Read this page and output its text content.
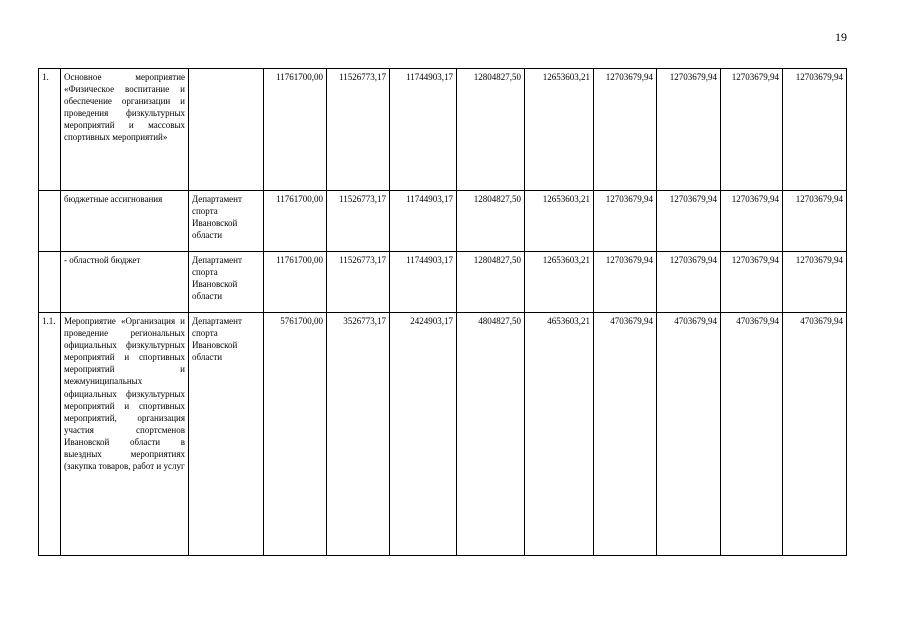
19
1.	Основное мероприятие «Физическое воспитание и обеспечение организации и проведения физкультурных мероприятий и массовых спортивных мероприятий»		11761700,00	11526773,17	11744903,17	12804827,50	12653603,21	12703679,94	12703679,94	12703679,94	12703679,94
	бюджетные ассигнования	Департамент спорта Ивановской области	11761700,00	11526773,17	11744903,17	12804827,50	12653603,21	12703679,94	12703679,94	12703679,94	12703679,94
	- областной бюджет	Департамент спорта Ивановской области	11761700,00	11526773,17	11744903,17	12804827,50	12653603,21	12703679,94	12703679,94	12703679,94	12703679,94
1.1.	Мероприятие «Организация и проведение региональных официальных физкультурных мероприятий и спортивных мероприятий и межмуниципальных официальных физкультурных мероприятий и спортивных мероприятий, организация участия спортсменов Ивановской области в выездных мероприятиях (закупка товаров, работ и услуг	Департамент спорта Ивановской области	5761700,00	3526773,17	2424903,17	4804827,50	4653603,21	4703679,94	4703679,94	4703679,94	4703679,94
